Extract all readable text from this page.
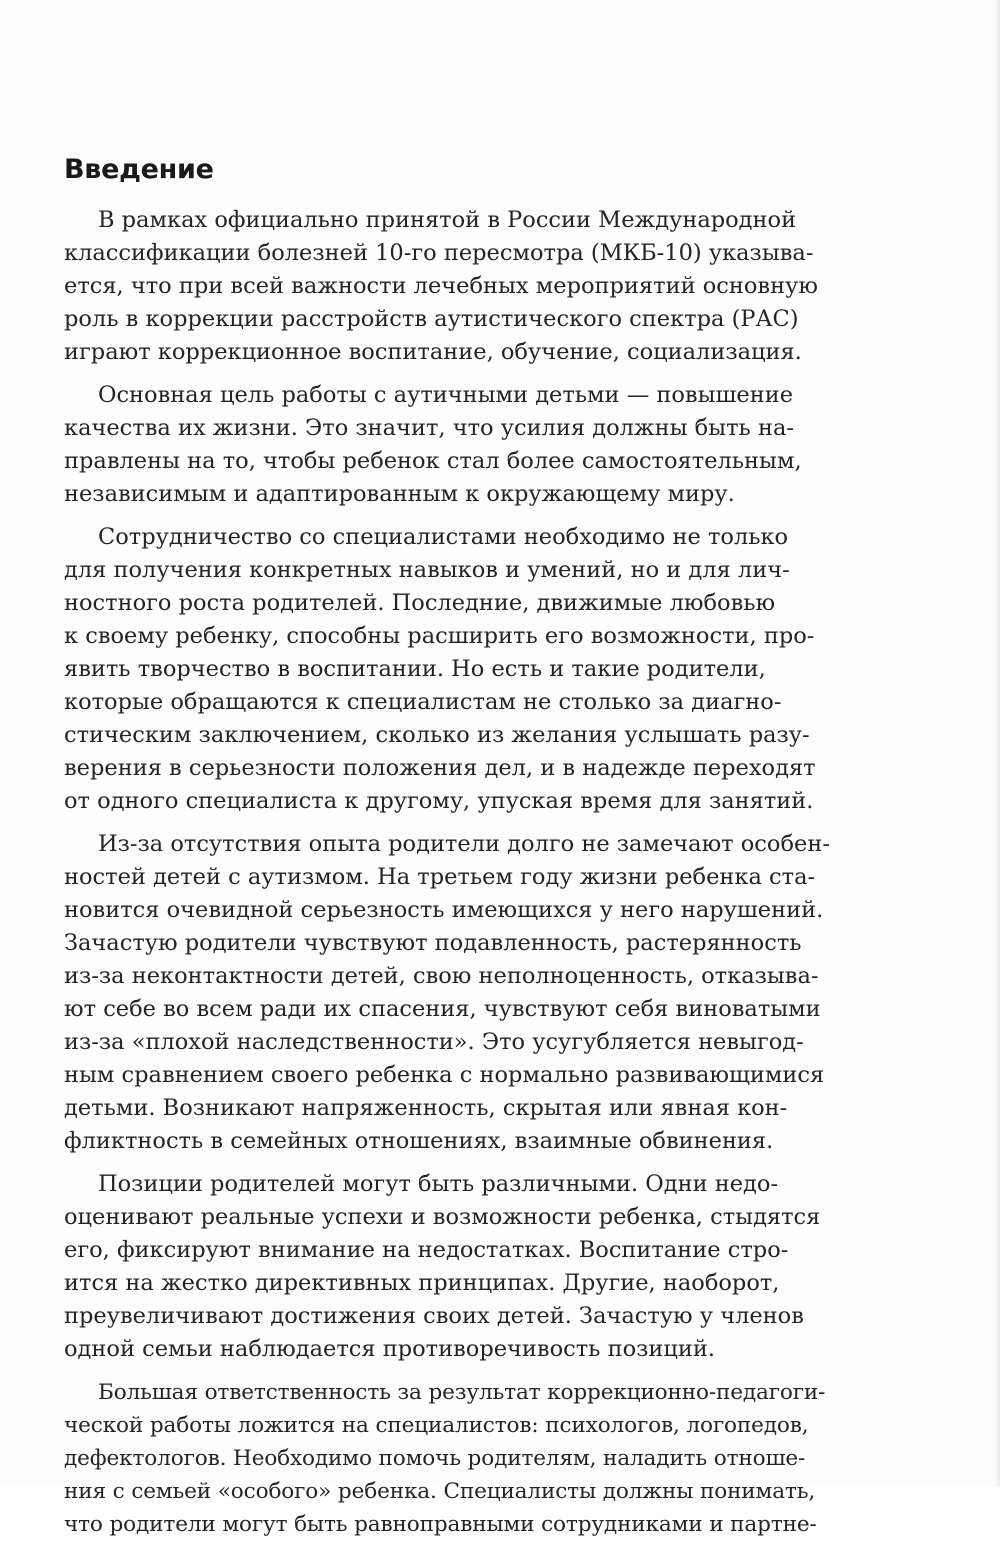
Введение

В рамках официально принятой в России Международной
классификации болезней 10-го пересмотра (МКБ-10) указыва-
ется, что при всей важности лечебных мероприятий основную
роль в коррекции расстройств аутистического спектра (РАС)
играют коррекционное воспитание, обучение, социализация.

Основная цель работы с аутичными детьми — повышение
качества их жизни. Это значит, что усилия должны быть на-
правлены на то, чтобы ребенок стал более самостоятельным,
независимым и адаптированным к окружающему миру.

Сотрудничество со специалистами необходимо не только
для получения конкретных навыков и умений, но и для лич-
ностного роста родителей. Последние, движимые любовью
к своему ребенку, способны расширить его возможности, про-
явить творчество в воспитании. Но есть и такие родители,
которые обращаются к специалистам не столько за диагно-
стическим заключением, сколько из желания услышать разу-
верения в серьезности положения дел, и в надежде переходят
от одного специалиста к другому, упуская время для занятий.

Из-за отсутствия опыта родители долго не замечают особен-
ностей детей с аутизмом. На третьем году жизни ребенка ста-
новится очевидной серьезность имеющихся у него нарушений.
Зачастую родители чувствуют подавленность, растерянность
из-за неконтактности детей, свою неполноценность, отказыва-
ют себе во всем ради их спасения, чувствуют себя виноватыми
из-за «плохой наследственности». Это усугубляется невыгод-
ным сравнением своего ребенка с нормально развивающимися
детьми. Возникают напряженность, скрытая или явная кон-
фликтность в семейных отношениях, взаимные обвинения.

Позиции родителей могут быть различными. Одни недо-
оценивают реальные успехи и возможности ребенка, стыдятся
его, фиксируют внимание на недостатках. Воспитание стро-
ится на жестко директивных принципах. Другие, наоборот,
преувеличивают достижения своих детей. Зачастую у членов
одной семьи наблюдается противоречивость позиций.

Большая ответственность за результат коррекционно-педагоги-
ческой работы ложится на специалистов: психологов, логопедов,
дефектологов. Необходимо помочь родителям, наладить отноше-
ния с семьей «особого» ребенка. Специалисты должны понимать,
что родители могут быть равноправными сотрудниками и партне-
